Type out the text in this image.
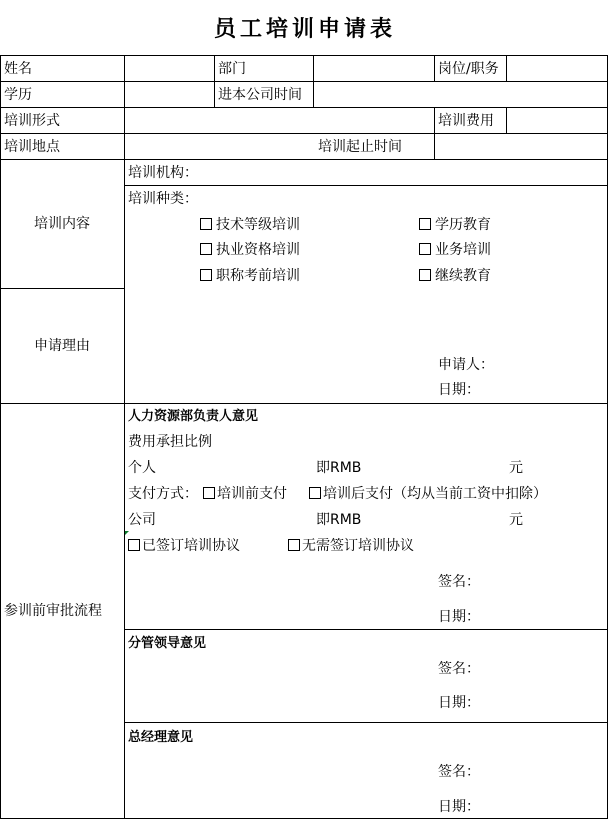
员工培训申请表
姓名	部门	岗位/职务
学历	进本公司时间
培训形式	培训费用
培训地点	培训起止时间
培训内容
培训机构：
培训种类：
技术等级培训	学历教育
执业资格培训	业务培训
职称考前培训	继续教育
申请理由
申请人：
日期：
参训前审批流程
人力资源部负责人意见
费用承担比例
个人	即RMB	元
支付方式：	培训前支付	培训后支付（均从当前工资中扣除）
公司	即RMB	元
已签订培训协议	无需签订培训协议
签名：
日期：
分管领导意见
签名：
日期：
总经理意见
签名：
日期：
